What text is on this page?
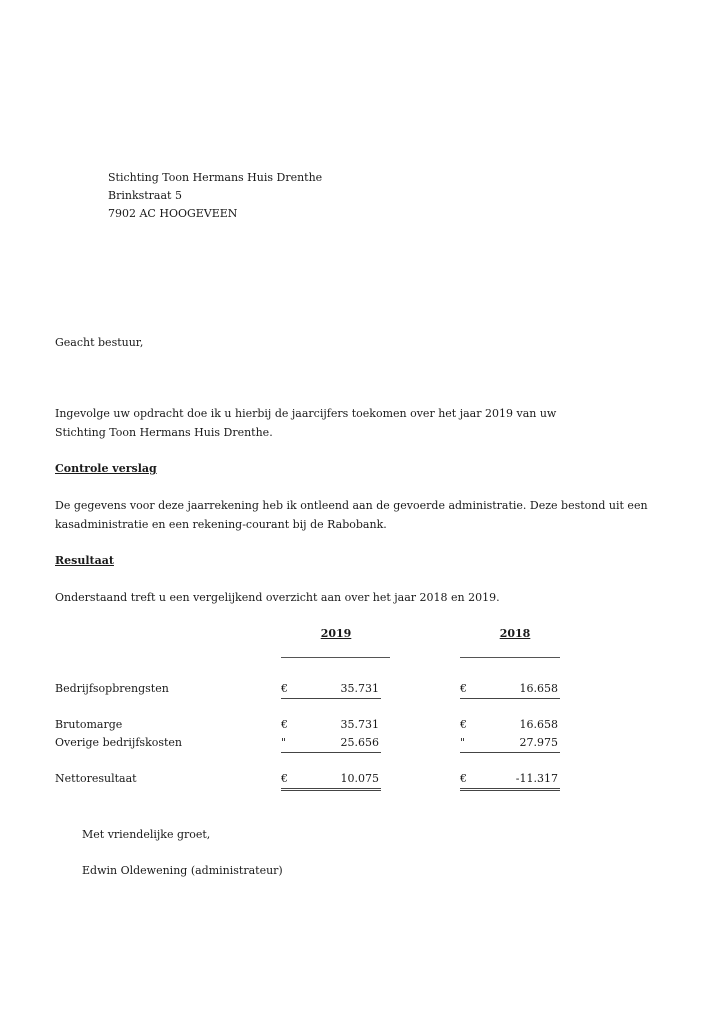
Stichting Toon Hermans Huis Drenthe
Brinkstraat 5
7902 AC HOOGEVEEN
Geacht bestuur,
Ingevolge uw opdracht doe ik u hierbij de jaarcijfers toekomen over het jaar 2019 van uw
Stichting Toon Hermans Huis Drenthe.
Controle verslag
De gegevens voor deze jaarrekening heb ik ontleend aan de gevoerde administratie. Deze bestond uit een
kasadministratie en een rekening-courant bij de Rabobank.
Resultaat
Onderstaand treft u een vergelijkend overzicht aan over het jaar 2018 en 2019.
2019	2018
Bedrijfsopbrengsten	€	35.731	€	16.658
Brutomarge	€	35.731	€	16.658
Overige bedrijfskosten	"	25.656	"	27.975
Nettoresultaat	€	10.075	€	-11.317
Met vriendelijke groet,
Edwin Oldewening (administrateur)
